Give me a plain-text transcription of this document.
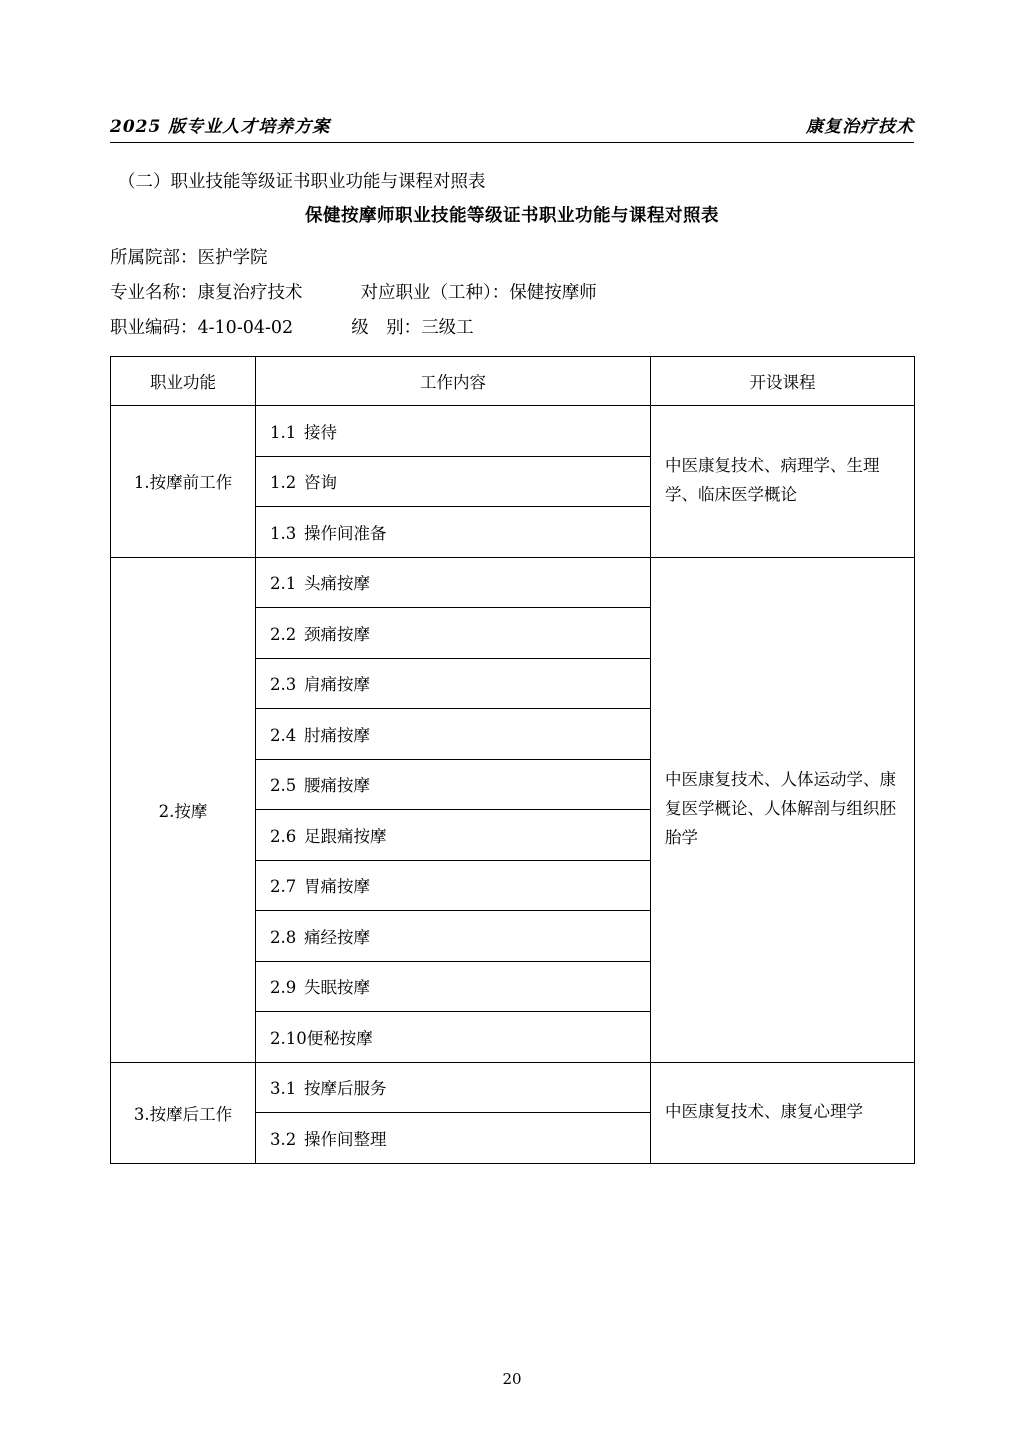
2025 版专业人才培养方案	康复治疗技术
（二）职业技能等级证书职业功能与课程对照表
保健按摩师职业技能等级证书职业功能与课程对照表
所属院部：医护学院
专业名称：康复治疗技术	对应职业（工种）：保健按摩师
职业编码：4-10-04-02	级　别：三级工
职业功能	工作内容	开设课程
1.按摩前工作	1.1 接待	中医康复技术、病理学、生理学、临床医学概论
	1.2 咨询	
	1.3 操作间准备	
2.按摩	2.1 头痛按摩	中医康复技术、人体运动学、康复医学概论、人体解剖与组织胚胎学
	2.2 颈痛按摩	
	2.3 肩痛按摩	
	2.4 肘痛按摩	
	2.5 腰痛按摩	
	2.6 足跟痛按摩	
	2.7 胃痛按摩	
	2.8 痛经按摩	
	2.9 失眠按摩	
	2.10便秘按摩	
3.按摩后工作	3.1 按摩后服务	中医康复技术、康复心理学
	3.2 操作间整理	
20
